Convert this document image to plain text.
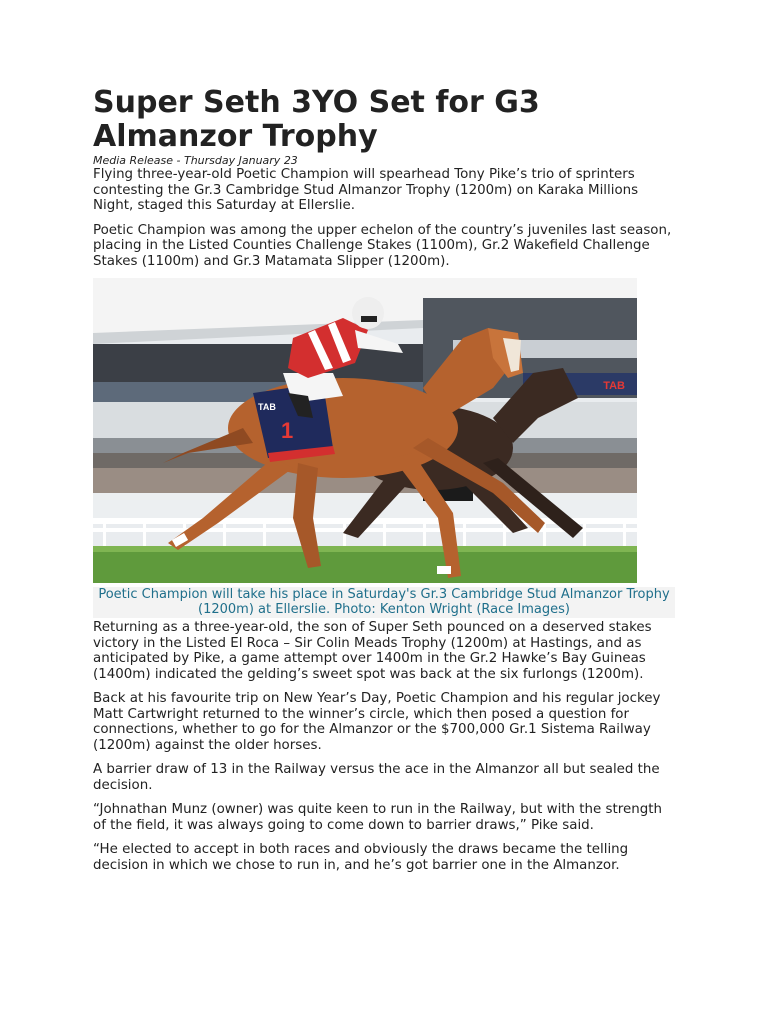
Super Seth 3YO Set for G3 Almanzor Trophy
Media Release - Thursday January 23

Flying three-year-old Poetic Champion will spearhead Tony Pike’s trio of sprinters contesting the Gr.3 Cambridge Stud Almanzor Trophy (1200m) on Karaka Millions Night, staged this Saturday at Ellerslie.

Poetic Champion was among the upper echelon of the country’s juveniles last season, placing in the Listed Counties Challenge Stakes (1100m), Gr.2 Wakefield Challenge Stakes (1100m) and Gr.3 Matamata Slipper (1200m).

TAB
1
TAB
Poetic Champion will take his place in Saturday's Gr.3 Cambridge Stud Almanzor Trophy (1200m) at Ellerslie. Photo: Kenton Wright (Race Images)

Returning as a three-year-old, the son of Super Seth pounced on a deserved stakes victory in the Listed El Roca – Sir Colin Meads Trophy (1200m) at Hastings, and as anticipated by Pike, a game attempt over 1400m in the Gr.2 Hawke’s Bay Guineas (1400m) indicated the gelding’s sweet spot was back at the six furlongs (1200m).

Back at his favourite trip on New Year’s Day, Poetic Champion and his regular jockey Matt Cartwright returned to the winner’s circle, which then posed a question for connections, whether to go for the Almanzor or the $700,000 Gr.1 Sistema Railway (1200m) against the older horses.

A barrier draw of 13 in the Railway versus the ace in the Almanzor all but sealed the decision.

“Johnathan Munz (owner) was quite keen to run in the Railway, but with the strength of the field, it was always going to come down to barrier draws,” Pike said.

“He elected to accept in both races and obviously the draws became the telling decision in which we chose to run in, and he’s got barrier one in the Almanzor.
